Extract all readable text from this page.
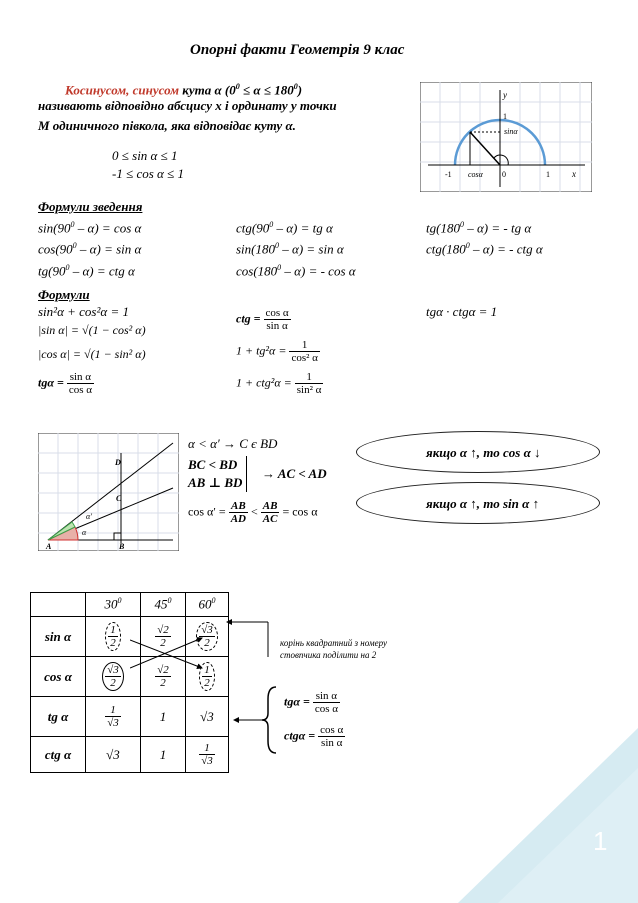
Опорні факти Геометрія 9 клас
Косинусом, синусом кута α $(0^0 \le \alpha \le 180^0)$
називають відповідно абсцису x і ординату y точки
М одиничного півкола, яка відповідає куту α.
0 ≤ sin α ≤ 1
-1 ≤ cos α ≤ 1
y
1
sinα
-1 cosα 0	1 x
Формули зведення
$\sin(90^0 - \alpha) = \cos \alpha$
$\cos(90^0 - \alpha) = \sin \alpha$
$tg(90^0 - \alpha)$ = ctg α
$ctg(90^0 - \alpha)$ = tg α
$\sin(180^0 - \alpha) = \sin \alpha$
$\cos(180^0 - \alpha)$ = - cos α
$tg(180^0 - \alpha)$ = - tg α
$ctg(180^0 - \alpha)$ = - ctg α
Формули
sin²α + cos²α = 1
|sin α| = √(1 − cos² α)
|cos α| = √(1 − sin² α)
$tg\alpha = \frac{\text{sin α}}{\text{cos α}}$
ctg = $\frac{\text{cos α}}{\text{sin α}}$
$1 + tg^2\alpha = \frac{1}{\text{cos² α}}$
$1 + ctg^2\alpha = \frac{1}{\text{sin² α}}$
tgα · ctgα = 1
D
C
A	B
α′
α
α < α′ → C є BD
BC < BD
AB ⊥ BD
→ AC < AD
$\cos \alpha' = \frac{AB}{AD} < \frac{AB}{AC} = \cos \alpha$
якщо α ↑, то cos α ↓
якщо α ↑, то sin α ↑
	$30^0$	$45^0$	$60^0$
sin α	$\frac{1}{2}$	$\frac{√2}{2}$	$\frac{√3}{2}$

cos α	$\frac{√3}{2}$	$\frac{√2}{2}$	$\frac{1}{2}$

tg α	$\frac{1}{√3}$	1	√3
ctg α	√3	1	$\frac{1}{√3}$
корінь квадратний з номеру
стовпчика поділити на 2
$tg\alpha = \frac{\text{sin α}}{\text{cos α}}$
$ctg\alpha = \frac{\text{cos α}}{\text{sin α}}$
1
